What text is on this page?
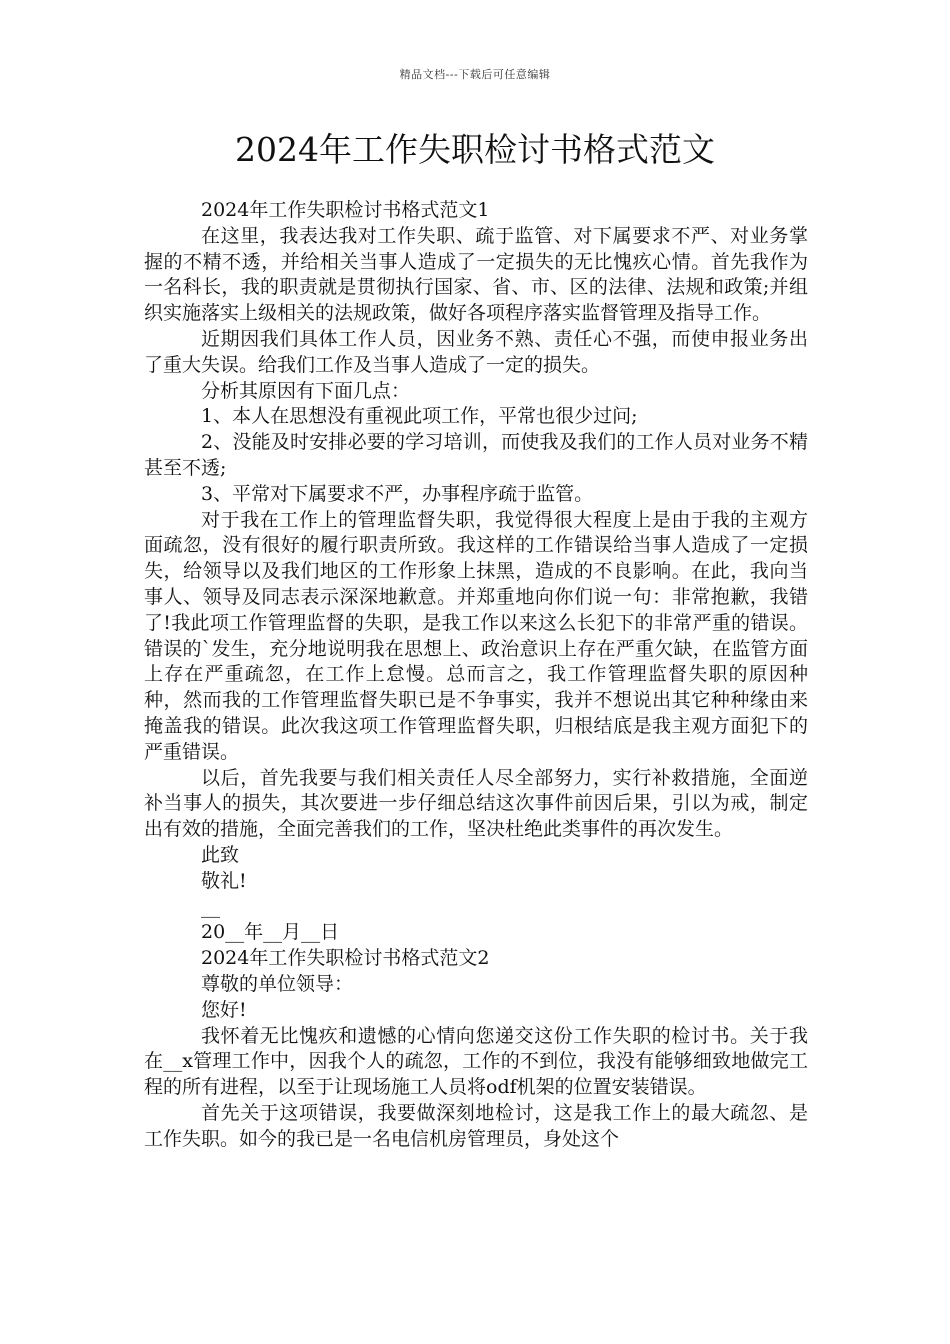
精品文档---下载后可任意编辑
2024年工作失职检讨书格式范文

2024年工作失职检讨书格式范文1

在这里，我表达我对工作失职、疏于监管、对下属要求不严、对业务掌握的不精不透，并给相关当事人造成了一定损失的无比愧疚心情。首先我作为一名科长，我的职责就是贯彻执行国家、省、市、区的法律、法规和政策;并组织实施落实上级相关的法规政策，做好各项程序落实监督管理及指导工作。

近期因我们具体工作人员，因业务不熟、责任心不强，而使申报业务出了重大失误。给我们工作及当事人造成了一定的损失。

分析其原因有下面几点：

1、本人在思想没有重视此项工作，平常也很少过问;

2、没能及时安排必要的学习培训，而使我及我们的工作人员对业务不精甚至不透;

3、平常对下属要求不严，办事程序疏于监管。

对于我在工作上的管理监督失职，我觉得很大程度上是由于我的主观方面疏忽，没有很好的履行职责所致。我这样的工作错误给当事人造成了一定损失，给领导以及我们地区的工作形象上抹黑，造成的不良影响。在此，我向当事人、领导及同志表示深深地歉意。并郑重地向你们说一句：非常抱歉，我错了!我此项工作管理监督的失职，是我工作以来这么长犯下的非常严重的错误。错误的`发生，充分地说明我在思想上、政治意识上存在严重欠缺，在监管方面上存在严重疏忽，在工作上怠慢。总而言之，我工作管理监督失职的原因种种，然而我的工作管理监督失职已是不争事实，我并不想说出其它种种缘由来掩盖我的错误。此次我这项工作管理监督失职，归根结底是我主观方面犯下的严重错误。

以后，首先我要与我们相关责任人尽全部努力，实行补救措施，全面逆补当事人的损失，其次要进一步仔细总结这次事件前因后果，引以为戒，制定出有效的措施，全面完善我们的工作，坚决杜绝此类事件的再次发生。

此致

敬礼!

__

20__年__月__日

2024年工作失职检讨书格式范文2

尊敬的单位领导：

您好!

我怀着无比愧疚和遗憾的心情向您递交这份工作失职的检讨书。关于我在__x管理工作中，因我个人的疏忽，工作的不到位，我没有能够细致地做完工程的所有进程，以至于让现场施工人员将odf机架的位置安装错误。

首先关于这项错误，我要做深刻地检讨，这是我工作上的最大疏忽、是工作失职。如今的我已是一名电信机房管理员，身处这个
